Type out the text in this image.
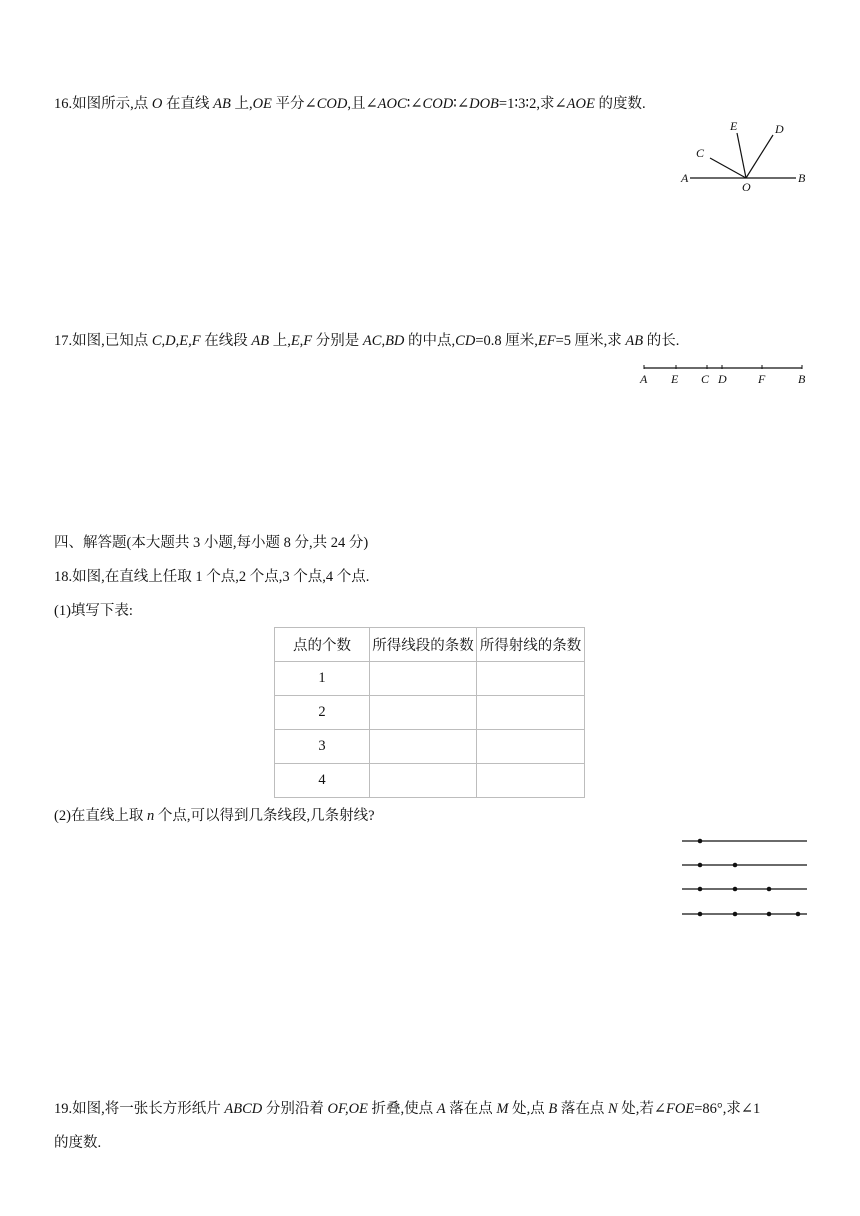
16.如图所示,点 O 在直线 AB 上,OE 平分∠COD,且∠AOC∶∠COD∶∠DOB=1∶3∶2,求∠AOE 的度数.
A	B
O
C
E	D
17.如图,已知点 C,D,E,F 在线段 AB 上,E,F 分别是 AC,BD 的中点,CD=0.8 厘米,EF=5 厘米,求 AB 的长.
A E C D	F	B
四、解答题(本大题共 3 小题,每小题 8 分,共 24 分)
18.如图,在直线上任取 1 个点,2 个点,3 个点,4 个点.
(1)填写下表:
点的个数	所得线段的条数	所得射线的条数
1		
2		
3		
4		
(2)在直线上取 n 个点,可以得到几条线段,几条射线?
19.如图,将一张长方形纸片 ABCD 分别沿着 OF,OE 折叠,使点 A 落在点 M 处,点 B 落在点 N 处,若∠FOE=86°,求∠1
的度数.
